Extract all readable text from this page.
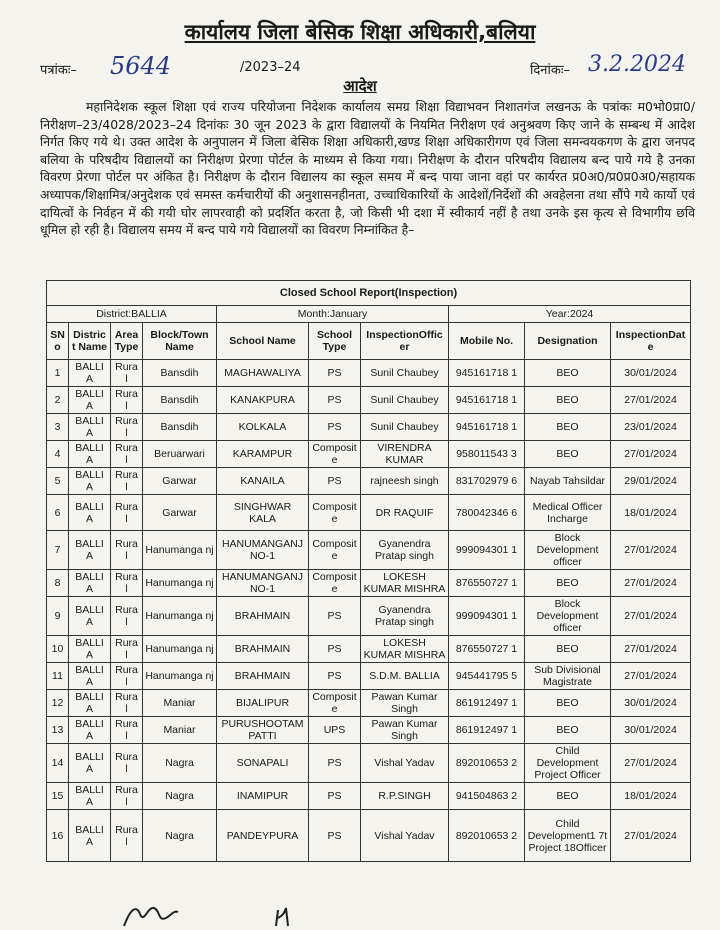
कार्यालय जिला बेसिक शिक्षा अधिकारी,बलिया
पत्रांकः– 5644	/2023–24	दिनांकः– 3.2.2024
आदेश
महानिदेशक स्कूल शिक्षा एवं राज्य परियोजना निदेशक कार्यालय समग्र शिक्षा विद्याभवन निशातगंज लखनऊ के पत्रांकः म0भो0प्रा0/निरीक्षण–23/4028/2023–24 दिनांकः 30 जून 2023 के द्वारा विद्यालयों के नियमित निरीक्षण एवं अनुश्रवण किए जाने के सम्बन्ध में आदेश निर्गत किए गये थे। उक्त आदेश के अनुपालन में जिला बेसिक शिक्षा अधिकारी,खण्ड शिक्षा अधिकारीगण एवं जिला समन्वयकगण के द्वारा जनपद बलिया के परिषदीय विद्यालयों का निरीक्षण प्रेरणा पोर्टल के माध्यम से किया गया। निरीक्षण के दौरान परिषदीय विद्यालय बन्द पाये गये है उनका विवरण प्रेरणा पोर्टल पर अंकित है। निरीक्षण के दौरान विद्यालय का स्कूल समय में बन्द पाया जाना वहां पर कार्यरत प्र0अ0/प्र0प्र0अ0/सहायक अध्यापक/शिक्षामित्र/अनुदेशक एवं समस्त कर्मचारीयों की अनुशासनहीनता, उच्चाधिकारियों के आदेशों/निर्देशों की अवहेलना तथा सौंपे गये कार्यो एवं दायित्वों के निर्वहन में की गयी घोर लापरवाही को प्रदर्शित करता है, जो किसी भी दशा में स्वीकार्य नहीं है तथा उनके इस कृत्य से विभागीय छवि धूमिल हो रही है। विद्यालय समय में बन्द पाये गये विद्यालयों का विवरण निम्नांकित है–
Closed School Report(Inspection)									
District:BALLIA				Month:January			Year:2024		
SN o	Distric t Name	Area Type	Block/Town Name	School Name	School Type	InspectionOffic er	Mobile No.	Designation	InspectionDat e
1	BALLI A	Rura l	Bansdih	MAGHAWALIYA	PS	Sunil Chaubey	945161718 1	BEO	30/01/2024
2	BALLI A	Rura l	Bansdih	KANAKPURA	PS	Sunil Chaubey	945161718 1	BEO	27/01/2024
3	BALLI A	Rura l	Bansdih	KOLKALA	PS	Sunil Chaubey	945161718 1	BEO	23/01/2024
4	BALLI A	Rura l	Beruarwari	KARAMPUR	Composit e	VIRENDRA KUMAR	958011543 3	BEO	27/01/2024
5	BALLI A	Rura l	Garwar	KANAILA	PS	rajneesh singh	831702979 6	Nayab Tahsildar	29/01/2024
6	BALLI A	Rura l	Garwar	SINGHWAR KALA	Composit e	DR RAQUIF	780042346 6	Medical Officer Incharge	18/01/2024
7	BALLI A	Rura l	Hanumanga nj	HANUMANGANJ NO-1	Composit e	Gyanendra Pratap singh	999094301 1	Block Development officer	27/01/2024
8	BALLI A	Rura l	Hanumanga nj	HANUMANGANJ NO-1	Composit e	LOKESH KUMAR MISHRA	876550727 1	BEO	27/01/2024
9	BALLI A	Rura l	Hanumanga nj	BRAHMAIN	PS	Gyanendra Pratap singh	999094301 1	Block Development officer	27/01/2024
10	BALLI A	Rura l	Hanumanga nj	BRAHMAIN	PS	LOKESH KUMAR MISHRA	876550727 1	BEO	27/01/2024
11	BALLI A	Rura l	Hanumanga nj	BRAHMAIN	PS	S.D.M. BALLIA	945441795 5	Sub Divisional Magistrate	27/01/2024
12	BALLI A	Rura l	Maniar	BIJALIPUR	Composit e	Pawan Kumar Singh	861912497 1	BEO	30/01/2024
13	BALLI A	Rura l	Maniar	PURUSHOOTAM PATTI	UPS	Pawan Kumar Singh	861912497 1	BEO	30/01/2024
14	BALLI A	Rura l	Nagra	SONAPALI	PS	Vishal Yadav	892010653 2	Child Development Project Officer	27/01/2024
15	BALLI A	Rura l	Nagra	INAMIPUR	PS	R.P.SINGH	941504863 2	BEO	18/01/2024
16	BALLI A	Rura l	Nagra	PANDEYPURA	PS	Vishal Yadav	892010653 2	Child Development1 7t Project 18Officer	27/01/2024
